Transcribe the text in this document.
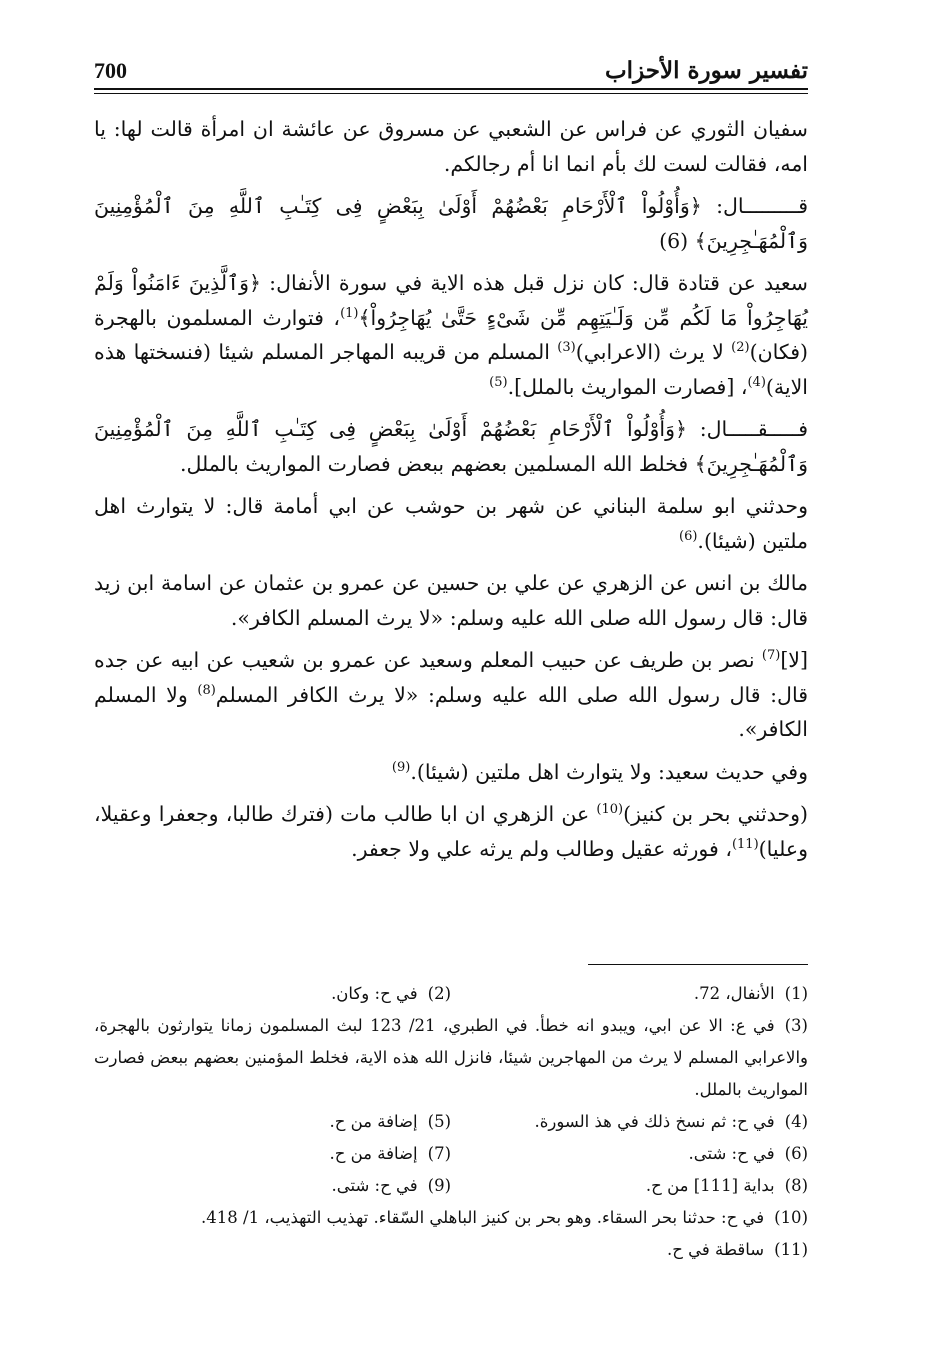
700	تفسير سورة الأحزاب

سفيان الثوري عن فراس عن الشعبي عن مسروق عن عائشة ان امرأة قالت لها: يا امه، فقالت لست لك بأم انما انا أم رجالكم.

قـــــــــال: ﴿وَأُوْلُواْ ٱلْأَرْحَامِ بَعْضُهُمْ أَوْلَىٰ بِبَعْضٍ فِى كِتَـٰبِ ٱللَّهِ مِنَ ٱلْمُؤْمِنِينَ وَٱلْمُهَـٰجِرِينَ﴾ (6)

سعيد عن قتادة قال: كان نزل قبل هذه الاية في سورة الأنفال: ﴿وَٱلَّذِينَ ءَامَنُواْ وَلَمْ يُهَاجِرُواْ مَا لَكُم مِّن وَلَـٰيَتِهِم مِّن شَىْءٍ حَتَّىٰ يُهَاجِرُواْ﴾$^{(1)}$، فتوارث المسلمون بالهجرة (فكان)$^{(2)}$ لا يرث (الاعرابي)$^{(3)}$ المسلم من قريبه المهاجر المسلم شيئا (فنسختها هذه الاية)$^{(4)}$، [فصارت المواريث بالملل].$^{(5)}$

فـــــقـــــال: ﴿وَأُوْلُواْ ٱلْأَرْحَامِ بَعْضُهُمْ أَوْلَىٰ بِبَعْضٍ فِى كِتَـٰبِ ٱللَّهِ مِنَ ٱلْمُؤْمِنِينَ وَٱلْمُهَـٰجِرِينَ﴾ فخلط الله المسلمين بعضهم ببعض فصارت المواريث بالملل.

وحدثني ابو سلمة البناني عن شهر بن حوشب عن ابي أمامة قال: لا يتوارث اهل ملتين (شيئا).$^{(6)}$

مالك بن انس عن الزهري عن علي بن حسين عن عمرو بن عثمان عن اسامة ابن زيد قال: قال رسول الله صلى الله عليه وسلم: «لا يرث المسلم الكافر».

[لا]$^{(7)}$ نصر بن طريف عن حبيب المعلم وسعيد عن عمرو بن شعيب عن ابيه عن جده قال: قال رسول الله صلى الله عليه وسلم: «لا يرث الكافر المسلم$^{(8)}$ ولا المسلم الكافر».

وفي حديث سعيد: ولا يتوارث اهل ملتين (شيئا).$^{(9)}$

(وحدثني بحر بن كنيز)$^{(10)}$ عن الزهري ان ابا طالب مات (فترك طالبا، وجعفرا وعقيلا، وعليا)$^{(11)}$، فورثه عقيل وطالب ولم يرثه علي ولا جعفر.

(1)الأنفال، 72.
(2)في ح: وكان.
(3)في ع: الا عن ابي، ويبدو انه خطأ. في الطبري، 21/ 123 لبث المسلمون زمانا يتوارثون بالهجرة، والاعرابي المسلم لا يرث من المهاجرين شيئا، فانزل الله هذه الاية، فخلط المؤمنين بعضهم ببعض فصارت المواريث بالملل.
(4)في ح: ثم نسخ ذلك في هذ السورة.
(5)إضافة من ح.
(6)في ح: شتى.
(7)إضافة من ح.
(8)بداية [111] من ح.
(9)في ح: شتى.
(10)في ح: حدثنا بحر السقاء. وهو بحر بن كنيز الباهلي السّقاء. تهذيب التهذيب، 1/ 418.
(11)ساقطة في ح.
